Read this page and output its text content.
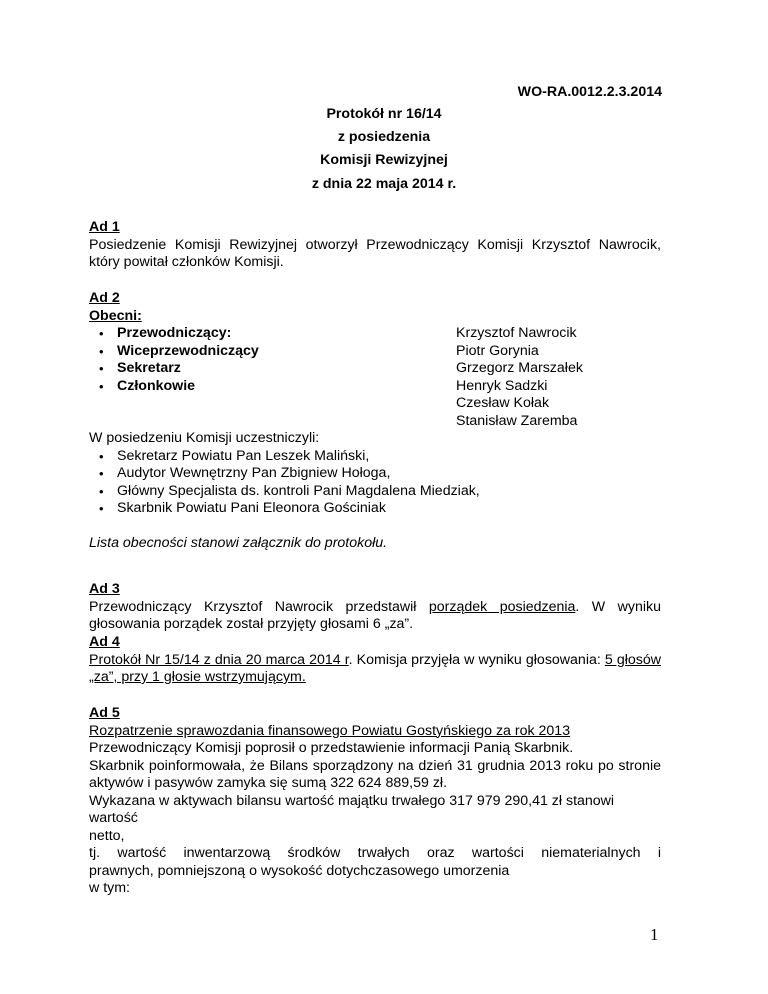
WO-RA.0012.2.3.2014
Protokół nr 16/14
z posiedzenia
Komisji Rewizyjnej
z dnia 22 maja 2014 r.
Ad 1
Posiedzenie Komisji Rewizyjnej otworzył Przewodniczący Komisji Krzysztof Nawrocik, który powitał członków Komisji.
Ad 2
Obecni:
• Przewodniczący:	Krzysztof Nawrocik
• Wiceprzewodniczący	Piotr Gorynia
• Sekretarz	Grzegorz Marszałek
• Członkowie	Henryk Sadzki
Czesław Kołak
Stanisław Zaremba
W posiedzeniu Komisji uczestniczyli:
• Sekretarz Powiatu Pan Leszek Maliński,
• Audytor Wewnętrzny Pan Zbigniew Hołoga,
• Główny Specjalista ds. kontroli Pani Magdalena Miedziak,
• Skarbnik Powiatu Pani Eleonora Gościniak
Lista obecności stanowi załącznik do protokołu.
Ad 3
Przewodniczący Krzysztof Nawrocik przedstawił porządek posiedzenia. W wyniku głosowania porządek został przyjęty głosami 6 „za”.
Ad 4
Protokół Nr 15/14 z dnia 20 marca 2014 r. Komisja przyjęła w wyniku głosowania: 5 głosów „za”, przy 1 głosie wstrzymującym.
Ad 5
Rozpatrzenie sprawozdania finansowego Powiatu Gostyńskiego za rok 2013
Przewodniczący Komisji poprosił o przedstawienie informacji Panią Skarbnik.
Skarbnik poinformowała, że Bilans sporządzony na dzień 31 grudnia 2013 roku po stronie aktywów i pasywów zamyka się sumą 322 624 889,59 zł.
Wykazana w aktywach bilansu wartość majątku trwałego 317 979 290,41 zł stanowi wartość
netto,
tj. wartość inwentarzową środków trwałych oraz wartości niematerialnych i
prawnych, pomniejszoną o wysokość dotychczasowego umorzenia
w tym:
1
